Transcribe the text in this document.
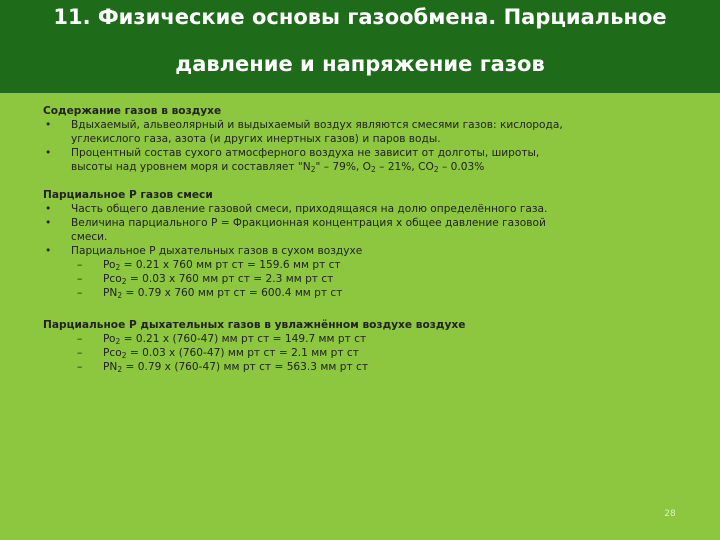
11. Физические основы газообмена. Парциальное
давление и напряжение газов
Содержание газов в воздухе
• Вдыхаемый, альвеолярный и выдыхаемый воздух являются смесями газов: кислорода,
углекислого газа, азота (и других инертных газов) и паров воды.
• Процентный состав сухого атмосферного воздуха не зависит от долготы, широты,
высоты над уровнем моря и составляет "$N_2$" – 79%, $O_2 - 21\%$, $CO_2 - 0.03\%$
Парциальное Р газов смеси
• Часть общего давление газовой смеси, приходящаяся на долю определённого газа.
• Величина парциального Р = Фракционная концентрация х общее давление газовой
смеси.
• Парциальное Р дыхательных газов в сухом воздухе
– $Po_2 = 0.21$ х 760 мм рт ст = 159.6 мм рт ст
– Pco$_2$ = 0.03 х 760 мм рт ст = 2.3 мм рт ст
– $PN_2 = 0.79$ х 760 мм рт ст = 600.4 мм рт ст
Парциальное Р дыхательных газов в увлажнённом воздухе воздухе
– $Po_2 = 0.21$ х (760-47) мм рт ст = 149.7 мм рт ст
– Pco$_2$ = 0.03 х (760-47) мм рт ст = 2.1 мм рт ст
– $PN_2 = 0.79$ х (760-47) мм рт ст = 563.3 мм рт ст
28
